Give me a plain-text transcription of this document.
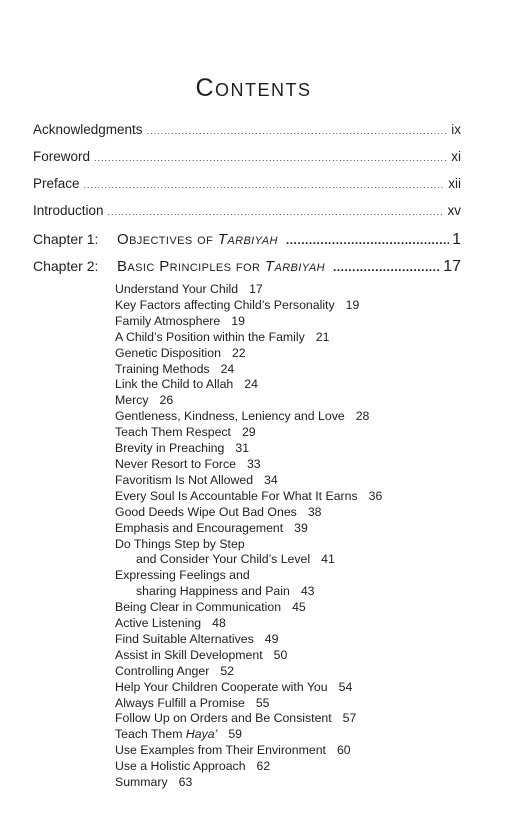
Contents
Acknowledgments .....	ix
Foreword .....	xi
Preface .....	xii
Introduction .....	xv
Chapter 1:	Objectives of Tarbiyah .....	1
Chapter 2:	Basic Principles for Tarbiyah .....	17
Understand Your Child 17
Key Factors affecting Child’s Personality 19
Family Atmosphere 19
A Child’s Position within the Family 21
Genetic Disposition 22
Training Methods 24
Link the Child to Allah 24
Mercy 26
Gentleness, Kindness, Leniency and Love 28
Teach Them Respect 29
Brevity in Preaching 31
Never Resort to Force 33
Favoritism Is Not Allowed 34
Every Soul Is Accountable For What It Earns 36
Good Deeds Wipe Out Bad Ones 38
Emphasis and Encouragement 39
Do Things Step by Step
and Consider Your Child’s Level 41
Expressing Feelings and
sharing Happiness and Pain 43
Being Clear in Communication 45
Active Listening 48
Find Suitable Alternatives 49
Assist in Skill Development 50
Controlling Anger 52
Help Your Children Cooperate with You 54
Always Fulfill a Promise 55
Follow Up on Orders and Be Consistent 57
Teach Them Haya’ 59
Use Examples from Their Environment 60
Use a Holistic Approach 62
Summary 63
